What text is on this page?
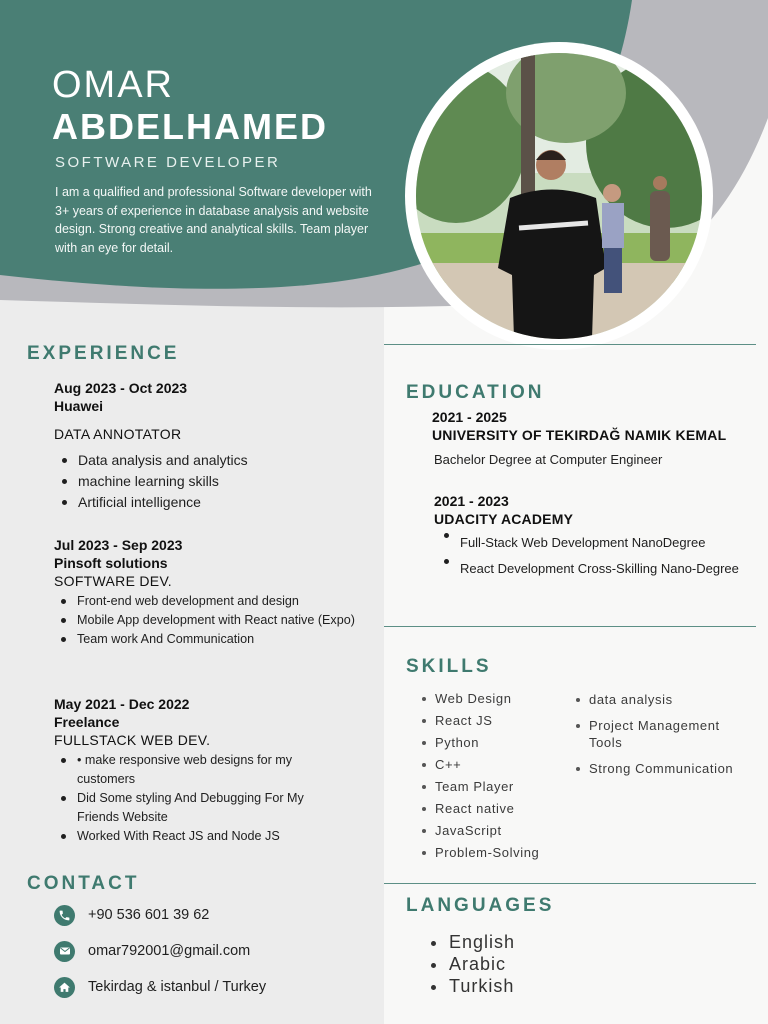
OMAR
ABDELHAMED
SOFTWARE DEVELOPER
I am a qualified and professional Software developer with 3+ years of experience in database analysis and website design. Strong creative and analytical skills. Team player with an eye for detail.
EXPERIENCE
Aug 2023 - Oct 2023
Huawei
DATA ANNOTATOR
Data analysis and analytics
machine learning skills
Artificial intelligence
Jul 2023 - Sep 2023
Pinsoft solutions
SOFTWARE DEV.
Front-end web development and design
Mobile App development with React native (Expo)
Team work And Communication
May 2021 - Dec 2022
Freelance
FULLSTACK WEB DEV.
• make responsive web designs for my customers
Did Some styling And Debugging For My Friends Website
Worked With React JS and Node JS
CONTACT
+90 536 601 39 62
omar792001@gmail.com
Tekirdag & istanbul / Turkey
EDUCATION
2021 - 2025
UNIVERSITY OF TEKIRDAĞ NAMIK KEMAL
Bachelor Degree at Computer Engineer
2021 - 2023
UDACITY ACADEMY
Full-Stack Web Development NanoDegree
React Development Cross-Skilling Nano-Degree
SKILLS
Web Design
React JS
Python
C++
Team Player
React native
JavaScript
Problem-Solving
data analysis
Project Management Tools
Strong Communication
LANGUAGES
English
Arabic
Turkish
